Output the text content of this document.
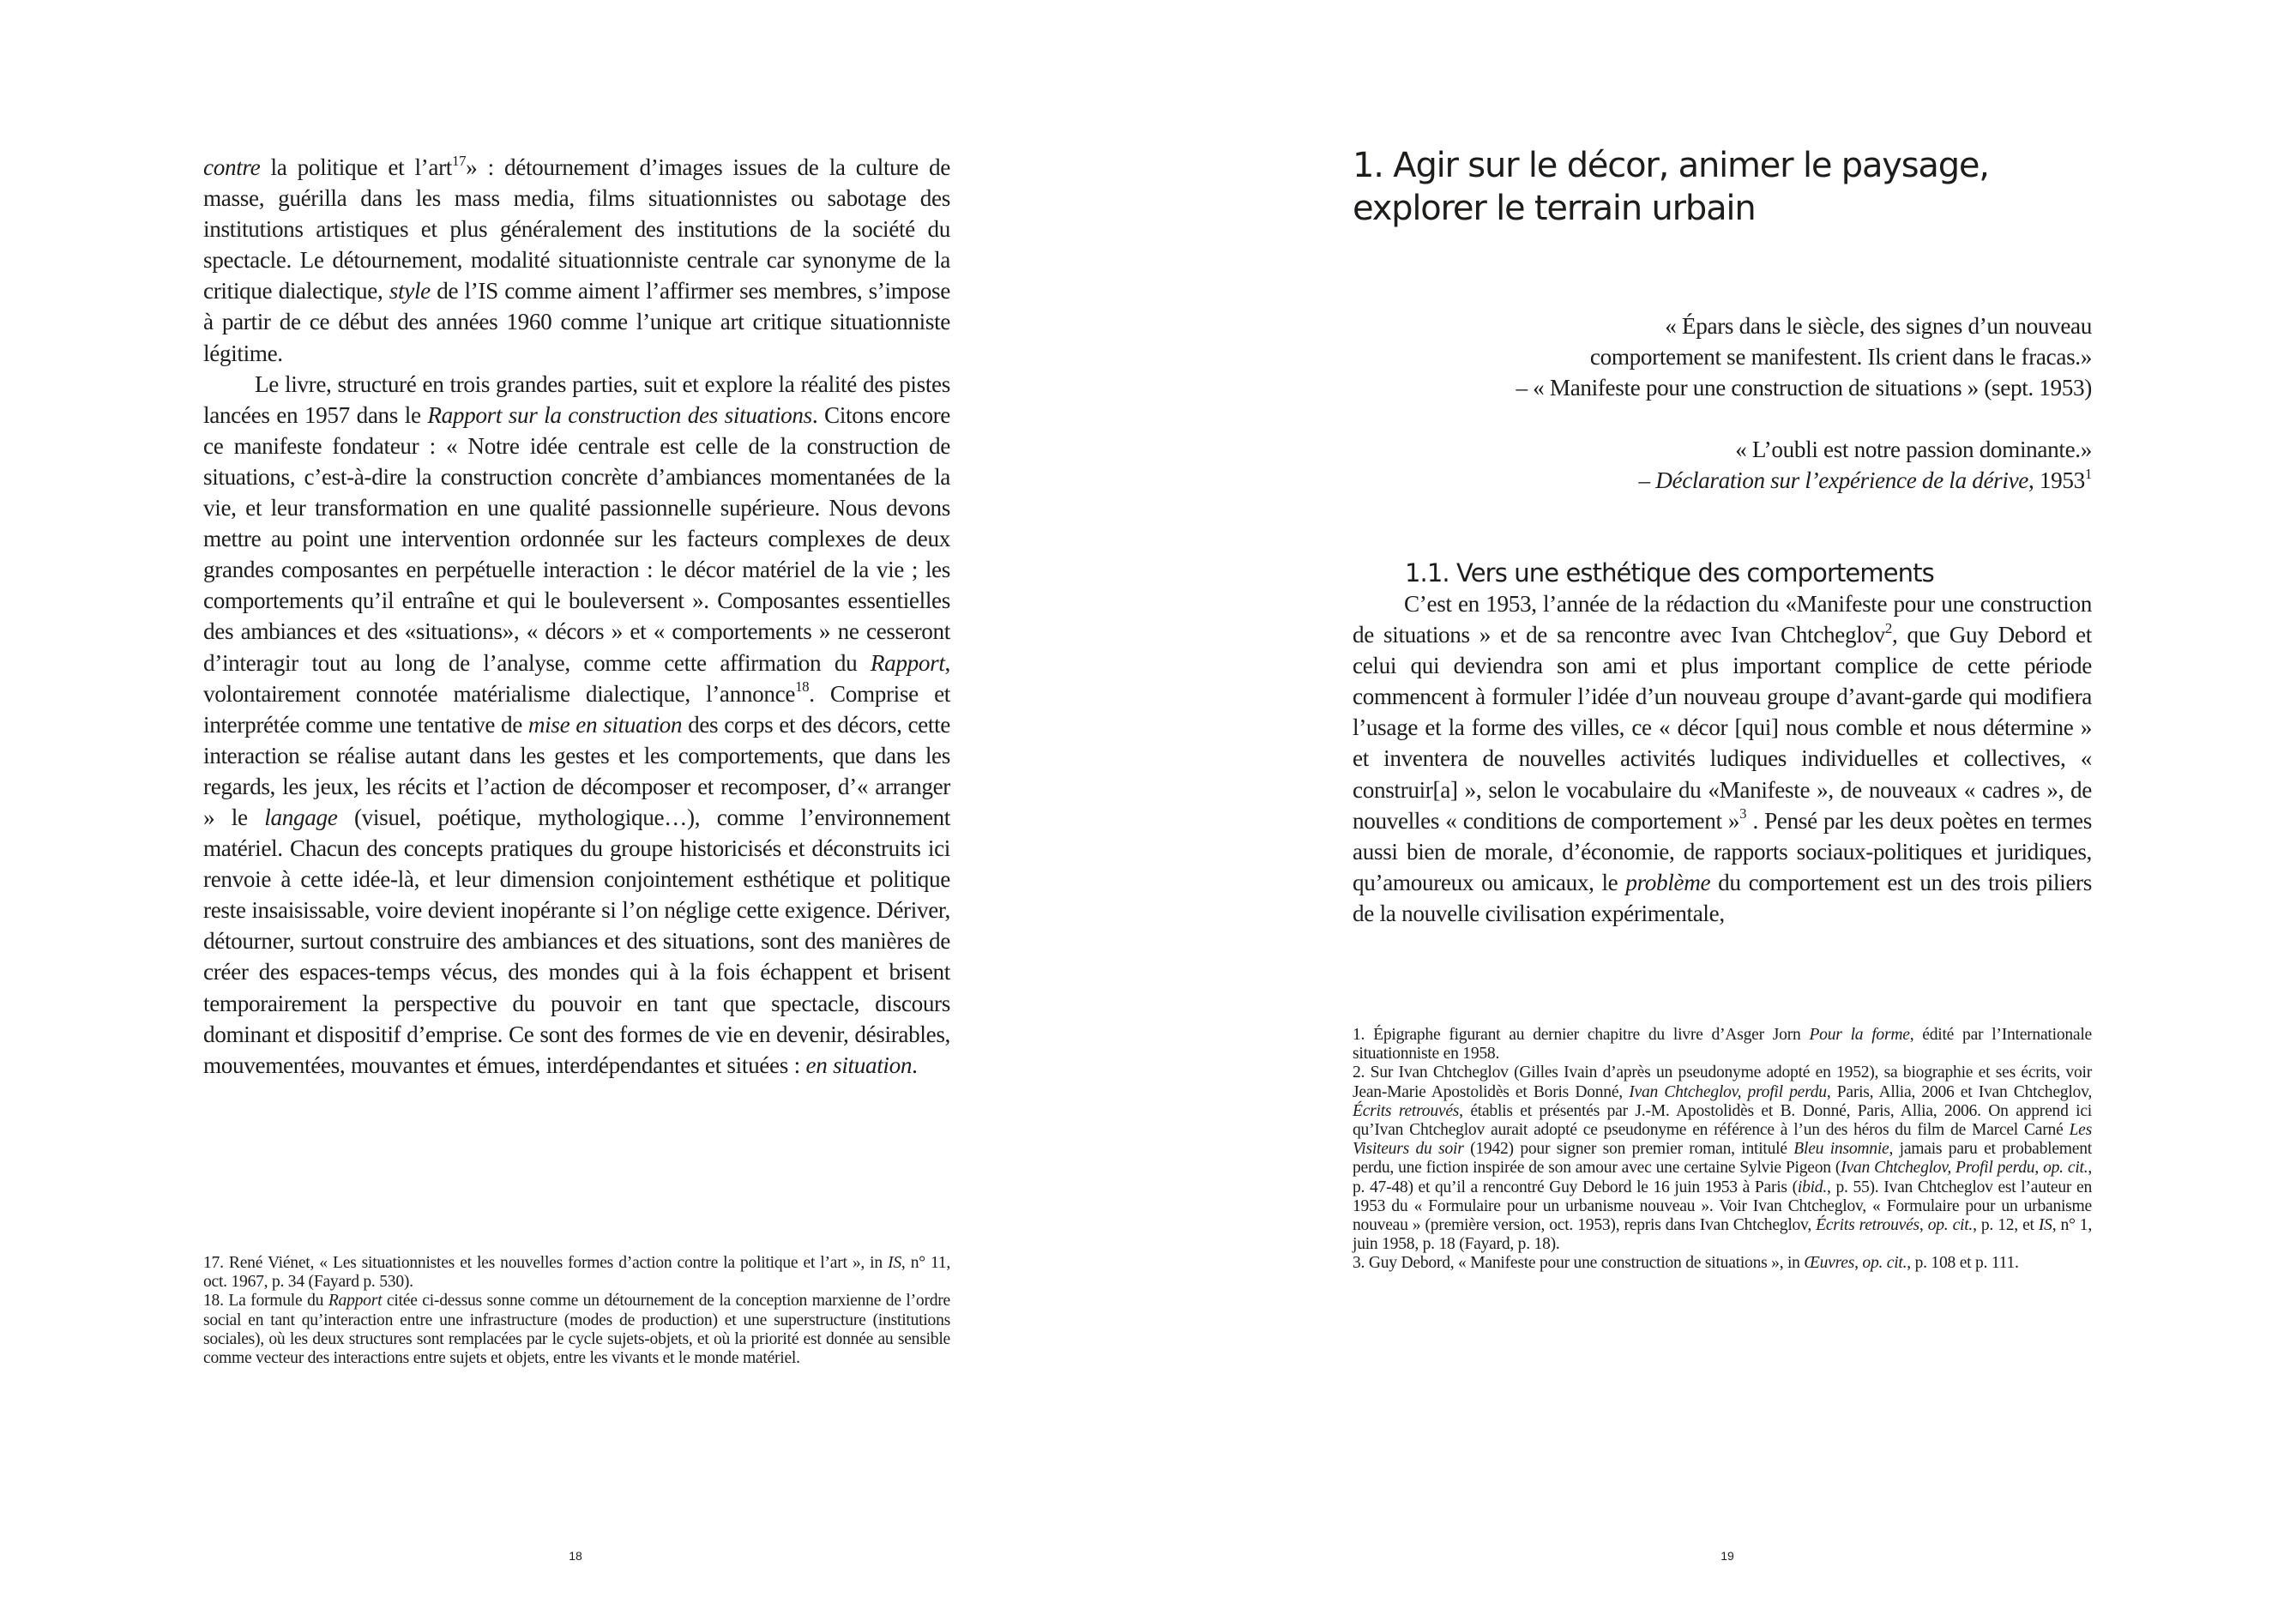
contre la politique et l’art$^{17}$» : détournement d’images issues de la culture de masse, guérilla dans les mass media, films situationnistes ou sabotage des institutions artistiques et plus généralement des institutions de la société du spectacle. Le détournement, modalité situationniste centrale car synonyme de la critique dialectique, style de l’IS comme aiment l’affirmer ses membres, s’impose à partir de ce début des années 1960 comme l’unique art critique situationniste légitime.

Le livre, structuré en trois grandes parties, suit et explore la réalité des pistes lancées en 1957 dans le Rapport sur la construction des situations. Citons encore ce manifeste fondateur : « Notre idée centrale est celle de la construction de situations, c’est-à-dire la construction concrète d’ambiances momentanées de la vie, et leur transformation en une qualité passionnelle supérieure. Nous devons mettre au point une intervention ordonnée sur les facteurs complexes de deux grandes composantes en perpétuelle interaction : le décor matériel de la vie ; les comportements qu’il entraîne et qui le bouleversent ». Composantes essentielles des ambiances et des «situations», « décors » et « comportements » ne cesseront d’interagir tout au long de l’analyse, comme cette affirmation du Rapport, volontairement connotée matérialisme dialectique, l’annonce$^{18}$. Comprise et interprétée comme une tentative de mise en situation des corps et des décors, cette interaction se réalise autant dans les gestes et les comportements, que dans les regards, les jeux, les récits et l’action de décomposer et recomposer, d’« arranger » le langage (visuel, poétique, mythologique…), comme l’environnement matériel. Chacun des concepts pratiques du groupe historicisés et déconstruits ici renvoie à cette idée-là, et leur dimension conjointement esthétique et politique reste insaisissable, voire devient inopérante si l’on néglige cette exigence. Dériver, détourner, surtout construire des ambiances et des situations, sont des manières de créer des espaces-temps vécus, des mondes qui à la fois échappent et brisent temporairement la perspective du pouvoir en tant que spectacle, discours dominant et dispositif d’emprise. Ce sont des formes de vie en devenir, désirables, mouvementées, mouvantes et émues, interdépendantes et situées : en situation.

17. René Viénet, « Les situationnistes et les nouvelles formes d’action contre la politique et l’art », in IS, n° 11, oct. 1967, p. 34 (Fayard p. 530).

18. La formule du Rapport citée ci-dessus sonne comme un détournement de la conception marxienne de l’ordre social en tant qu’interaction entre une infrastructure (modes de production) et une superstructure (institutions sociales), où les deux structures sont remplacées par le cycle sujets-objets, et où la priorité est donnée au sensible comme vecteur des interactions entre sujets et objets, entre les vivants et le monde matériel.

18
1. Agir sur le décor, animer le paysage,
explorer le terrain urbain
« Épars dans le siècle, des signes d’un nouveau
comportement se manifestent. Ils crient dans le fracas.»
– « Manifeste pour une construction de situations » (sept. 1953)
« L’oubli est notre passion dominante.»
– Déclaration sur l’expérience de la dérive, 1953$^1$
1.1. Vers une esthétique des comportements

C’est en 1953, l’année de la rédaction du «Manifeste pour une construction de situations » et de sa rencontre avec Ivan Chtcheglov$^2$, que Guy Debord et celui qui deviendra son ami et plus important complice de cette période commencent à formuler l’idée d’un nouveau groupe d’avant-garde qui modifiera l’usage et la forme des villes, ce « décor [qui] nous comble et nous détermine » et inventera de nouvelles activités ludiques individuelles et collectives, « construir[a] », selon le vocabulaire du «Manifeste », de nouveaux « cadres », de nouvelles « conditions de comportement »$^3$ . Pensé par les deux poètes en termes aussi bien de morale, d’économie, de rapports sociaux-politiques et juridiques, qu’amoureux ou amicaux, le problème du comportement est un des trois piliers de la nouvelle civilisation expérimentale,

1. Épigraphe figurant au dernier chapitre du livre d’Asger Jorn Pour la forme, édité par l’Internationale situationniste en 1958.

2. Sur Ivan Chtcheglov (Gilles Ivain d’après un pseudonyme adopté en 1952), sa biographie et ses écrits, voir Jean-Marie Apostolidès et Boris Donné, Ivan Chtcheglov, profil perdu, Paris, Allia, 2006 et Ivan Chtcheglov, Écrits retrouvés, établis et présentés par J.-M. Apostolidès et B. Donné, Paris, Allia, 2006. On apprend ici qu’Ivan Chtcheglov aurait adopté ce pseudonyme en référence à l’un des héros du film de Marcel Carné Les Visiteurs du soir (1942) pour signer son premier roman, intitulé Bleu insomnie, jamais paru et probablement perdu, une fiction inspirée de son amour avec une certaine Sylvie Pigeon (Ivan Chtcheglov, Profil perdu, op. cit., p. 47-48) et qu’il a rencontré Guy Debord le 16 juin 1953 à Paris (ibid., p. 55). Ivan Chtcheglov est l’auteur en 1953 du « Formulaire pour un urbanisme nouveau ». Voir Ivan Chtcheglov, « Formulaire pour un urbanisme nouveau » (première version, oct. 1953), repris dans Ivan Chtcheglov, Écrits retrouvés, op. cit., p. 12, et IS, n° 1, juin 1958, p. 18 (Fayard, p. 18).

3. Guy Debord, « Manifeste pour une construction de situations », in Œuvres, op. cit., p. 108 et p. 111.

19
